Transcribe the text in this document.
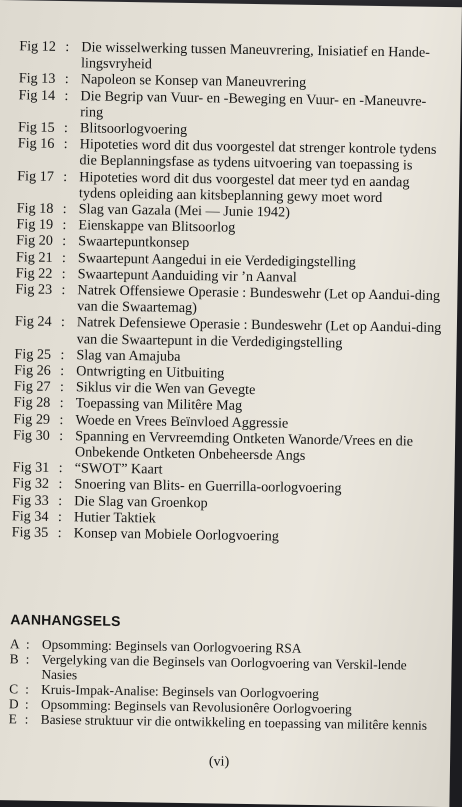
Fig 12 : Die wisselwerking tussen Maneuvrering, Inisiatief en Hande-lingsvryheid
Fig 13 : Napoleon se Konsep van Maneuvrering
Fig 14 : Die Begrip van Vuur- en -Beweging en Vuur- en -Maneuvre-ring
Fig 15 : Blitsoorlogvoering
Fig 16 : Hipoteties word dit dus voorgestel dat strenger kontrole tydens die Beplanningsfase as tydens uitvoering van toepassing is
Fig 17 : Hipoteties word dit dus voorgestel dat meer tyd en aandag tydens opleiding aan kitsbeplanning gewy moet word
Fig 18 : Slag van Gazala (Mei — Junie 1942)
Fig 19 : Eienskappe van Blitsoorlog
Fig 20 : Swaartepuntkonsep
Fig 21 : Swaartepunt Aangedui in eie Verdedigingstelling
Fig 22 : Swaartepunt Aanduiding vir ’n Aanval
Fig 23 : Natrek Offensiewe Operasie : Bundeswehr (Let op Aandui-ding van die Swaartemag)
Fig 24 : Natrek Defensiewe Operasie : Bundeswehr (Let op Aandui-ding van die Swaartepunt in die Verdedigingstelling
Fig 25 : Slag van Amajuba
Fig 26 : Ontwrigting en Uitbuiting
Fig 27 : Siklus vir die Wen van Gevegte
Fig 28 : Toepassing van Militêre Mag
Fig 29 : Woede en Vrees Beïnvloed Aggressie
Fig 30 : Spanning en Vervreemding Ontketen Wanorde/Vrees en die Onbekende Ontketen Onbeheersde Angs
Fig 31 : “SWOT” Kaart
Fig 32 : Snoering van Blits- en Guerrilla-oorlogvoering
Fig 33 : Die Slag van Groenkop
Fig 34 : Hutier Taktiek
Fig 35 : Konsep van Mobiele Oorlogvoering
AANHANGSELS
A : Opsomming: Beginsels van Oorlogvoering RSA
B : Vergelyking van die Beginsels van Oorlogvoering van Verskil-lende Nasies
C : Kruis-Impak-Analise: Beginsels van Oorlogvoering
D : Opsomming: Beginsels van Revolusionêre Oorlogvoering
E : Basiese struktuur vir die ontwikkeling en toepassing van militêre kennis
(vi)
